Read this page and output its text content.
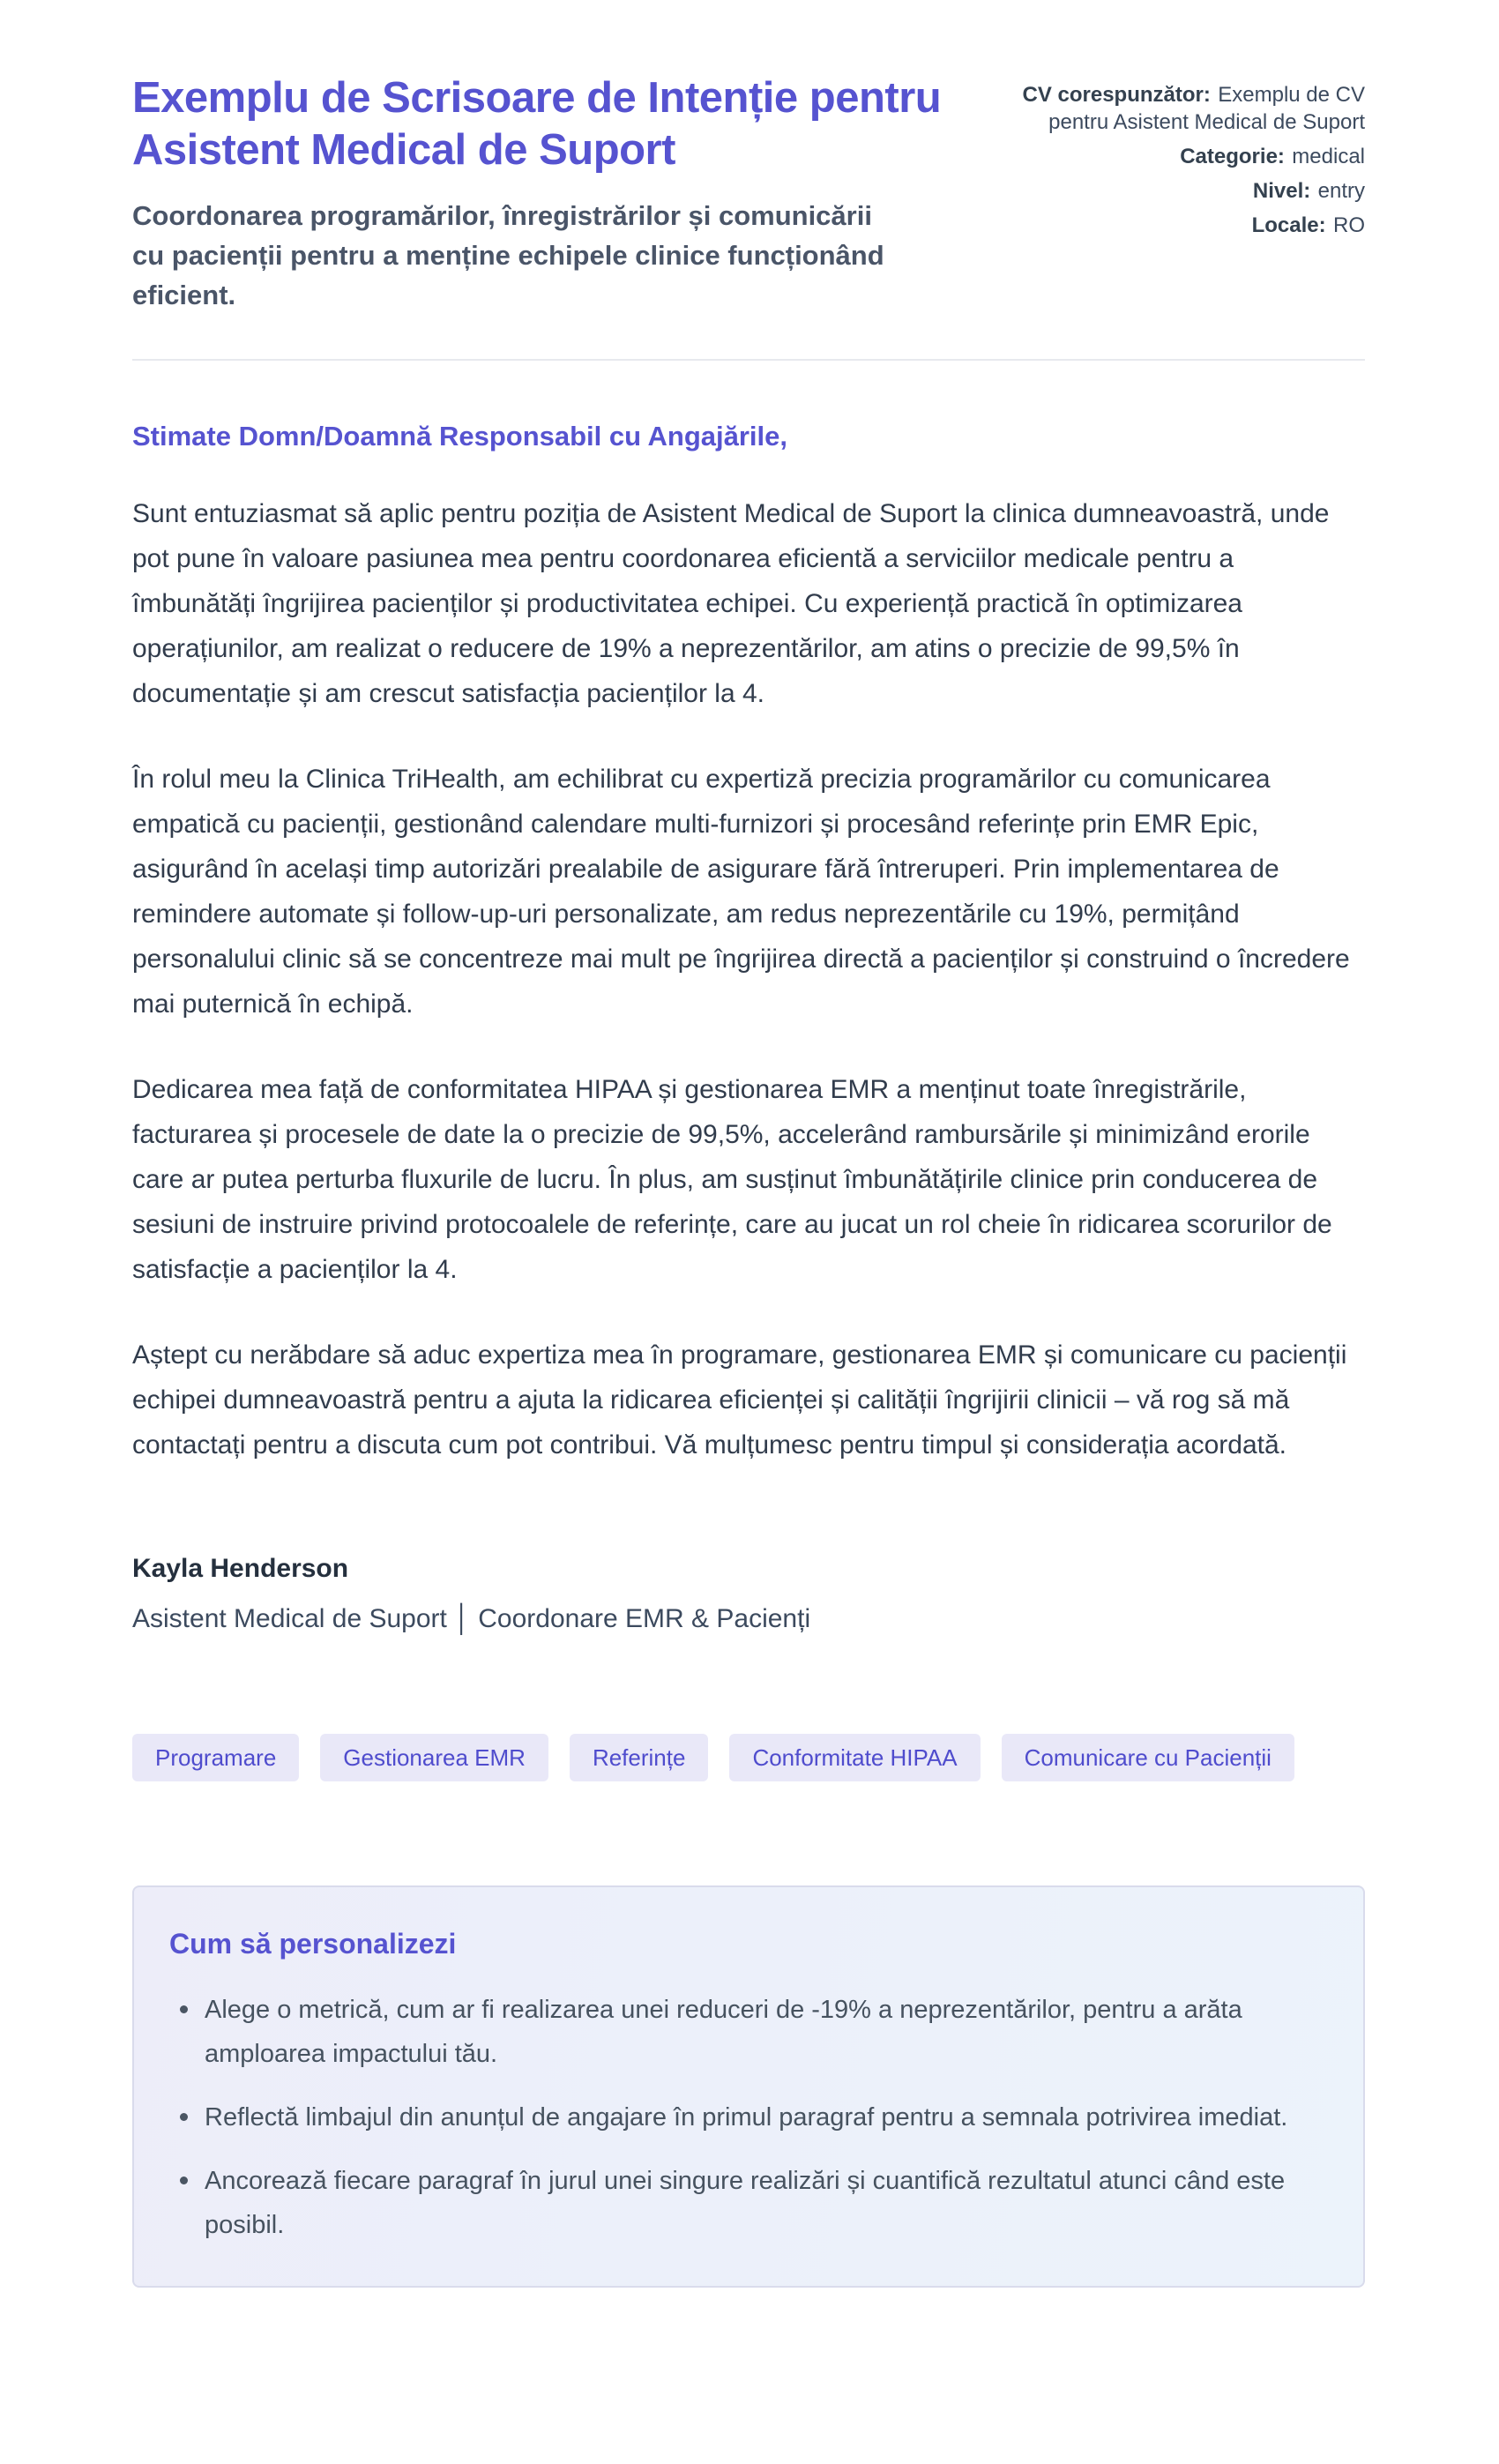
Exemplu de Scrisoare de Intenție pentru Asistent Medical de Suport

Coordonarea programărilor, înregistrărilor și comunicării cu pacienții pentru a menține echipele clinice funcționând eficient.

CV corespunzător: Exemplu de CV pentru Asistent Medical de Suport
Categorie: medical
Nivel: entry
Locale: RO

Stimate Domn/Doamnă Responsabil cu Angajările,

Sunt entuziasmat să aplic pentru poziția de Asistent Medical de Suport la clinica dumneavoastră, unde pot pune în valoare pasiunea mea pentru coordonarea eficientă a serviciilor medicale pentru a îmbunătăți îngrijirea pacienților și productivitatea echipei. Cu experiență practică în optimizarea operațiunilor, am realizat o reducere de 19% a neprezentărilor, am atins o precizie de 99,5% în documentație și am crescut satisfacția pacienților la 4.

În rolul meu la Clinica TriHealth, am echilibrat cu expertiză precizia programărilor cu comunicarea empatică cu pacienții, gestionând calendare multi-furnizori și procesând referințe prin EMR Epic, asigurând în același timp autorizări prealabile de asigurare fără întreruperi. Prin implementarea de remindere automate și follow-up-uri personalizate, am redus neprezentările cu 19%, permițând personalului clinic să se concentreze mai mult pe îngrijirea directă a pacienților și construind o încredere mai puternică în echipă.

Dedicarea mea față de conformitatea HIPAA și gestionarea EMR a menținut toate înregistrările, facturarea și procesele de date la o precizie de 99,5%, accelerând rambursările și minimizând erorile care ar putea perturba fluxurile de lucru. În plus, am susținut îmbunătățirile clinice prin conducerea de sesiuni de instruire privind protocoalele de referințe, care au jucat un rol cheie în ridicarea scorurilor de satisfacție a pacienților la 4.

Aștept cu nerăbdare să aduc expertiza mea în programare, gestionarea EMR și comunicare cu pacienții echipei dumneavoastră pentru a ajuta la ridicarea eficienței și calității îngrijirii clinicii – vă rog să mă contactați pentru a discuta cum pot contribui. Vă mulțumesc pentru timpul și considerația acordată.

Kayla Henderson

Asistent Medical de Suport │ Coordonare EMR & Pacienți

Programare	Gestionarea EMR	Referințe	Conformitate HIPAA	Comunicare cu Pacienții
Cum să personalizezi
Alege o metrică, cum ar fi realizarea unei reduceri de -19% a neprezentărilor, pentru a arăta amploarea impactului tău.
Reflectă limbajul din anunțul de angajare în primul paragraf pentru a semnala potrivirea imediat.
Ancorează fiecare paragraf în jurul unei singure realizări și cuantifică rezultatul atunci când este posibil.
